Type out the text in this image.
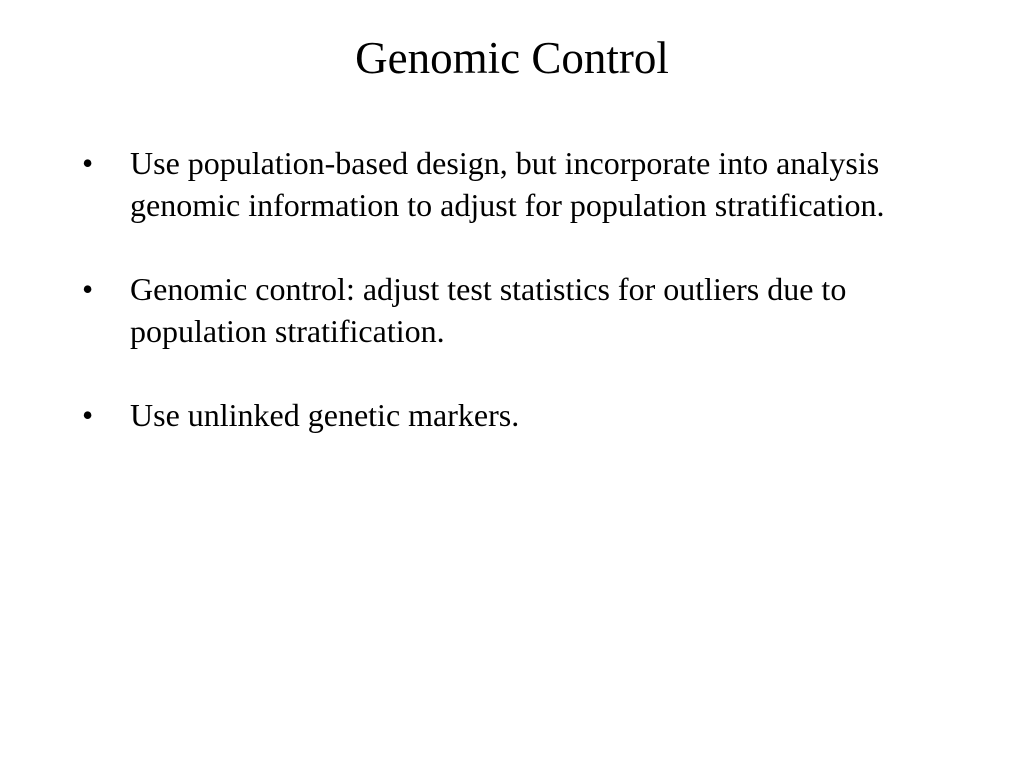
Genomic Control
•	Use population-based design, but incorporate into analysis genomic information to adjust for population stratification.
•	Genomic control: adjust test statistics for outliers due to population stratification.
•	Use unlinked genetic markers.
